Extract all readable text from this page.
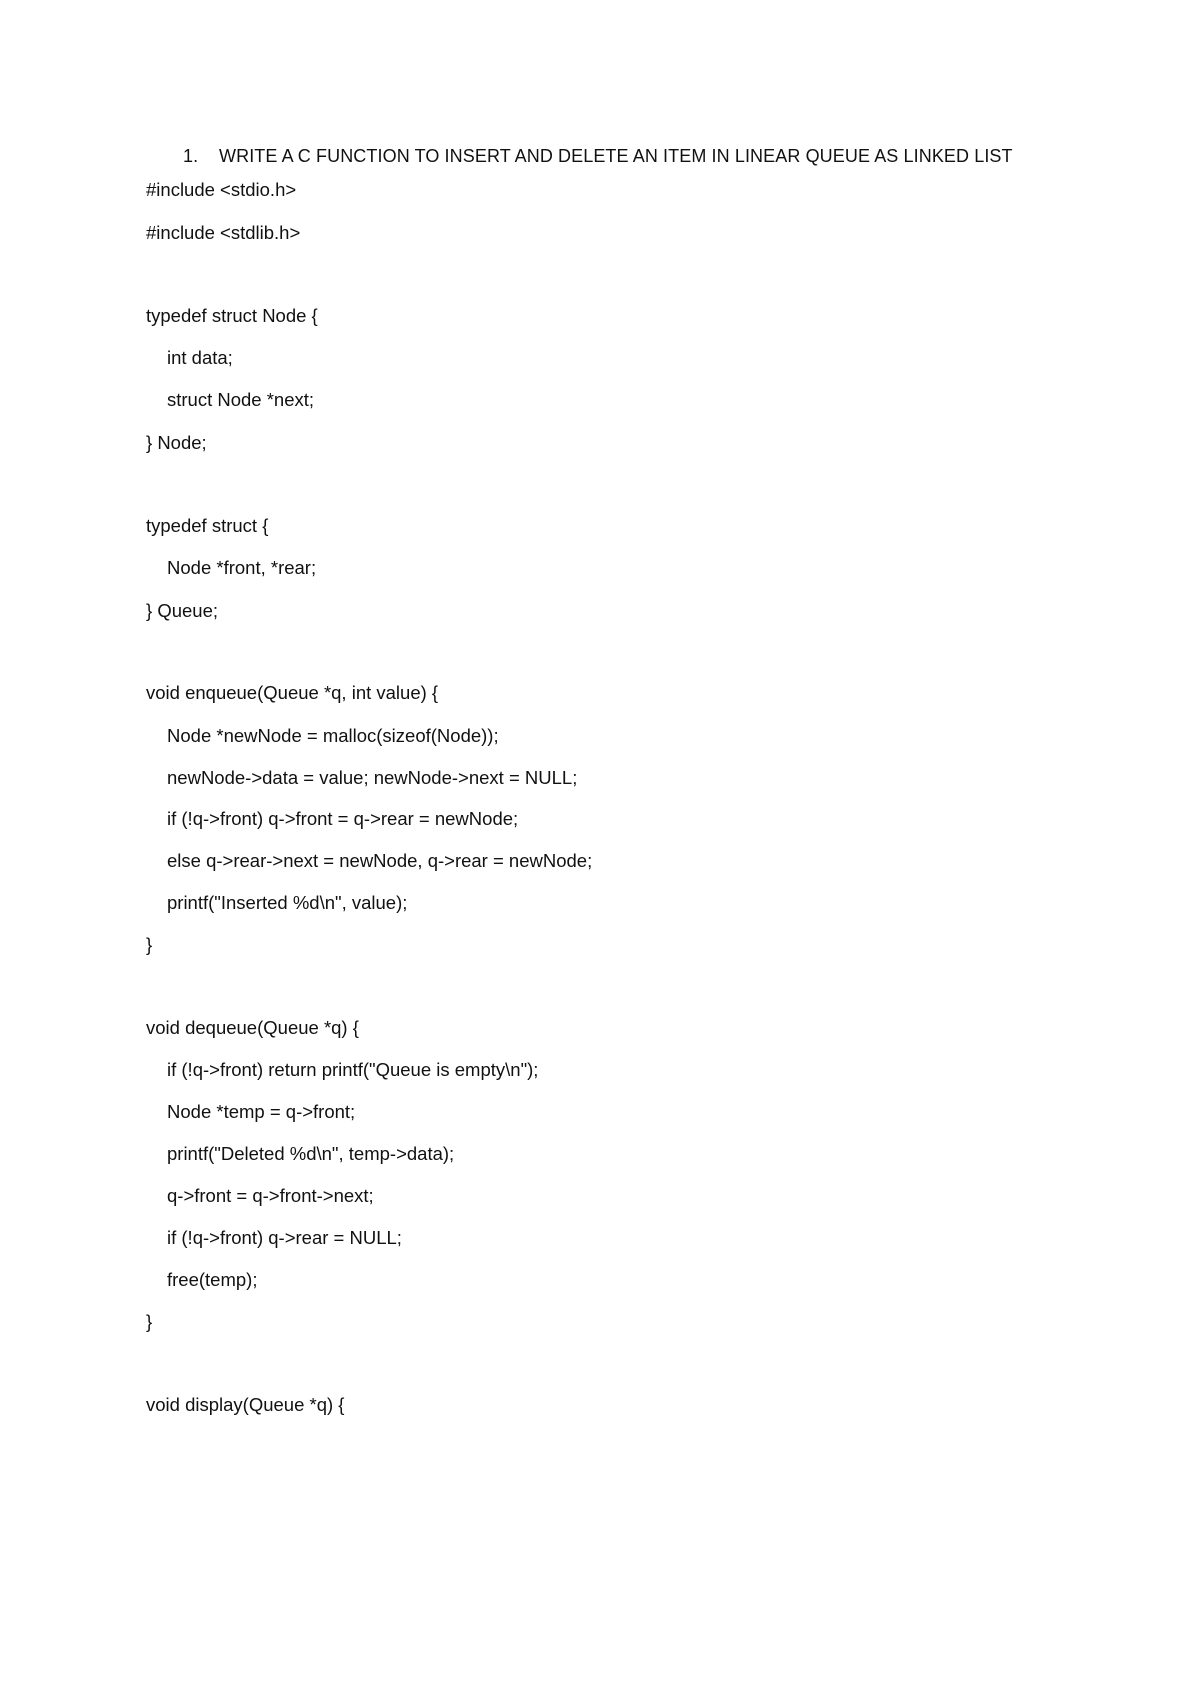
1. WRITE A C FUNCTION TO INSERT AND DELETE AN ITEM IN LINEAR QUEUE AS LINKED LIST
#include <stdio.h>
#include <stdlib.h>
typedef struct Node {
int data;
struct Node *next;
} Node;
typedef struct {
Node *front, *rear;
} Queue;
void enqueue(Queue *q, int value) {
Node *newNode = malloc(sizeof(Node));
newNode->data = value; newNode->next = NULL;
if (!q->front) q->front = q->rear = newNode;
else q->rear->next = newNode, q->rear = newNode;
printf("Inserted %d\n", value);
}
void dequeue(Queue *q) {
if (!q->front) return printf("Queue is empty\n");
Node *temp = q->front;
printf("Deleted %d\n", temp->data);
q->front = q->front->next;
if (!q->front) q->rear = NULL;
free(temp);
}
void display(Queue *q) {
